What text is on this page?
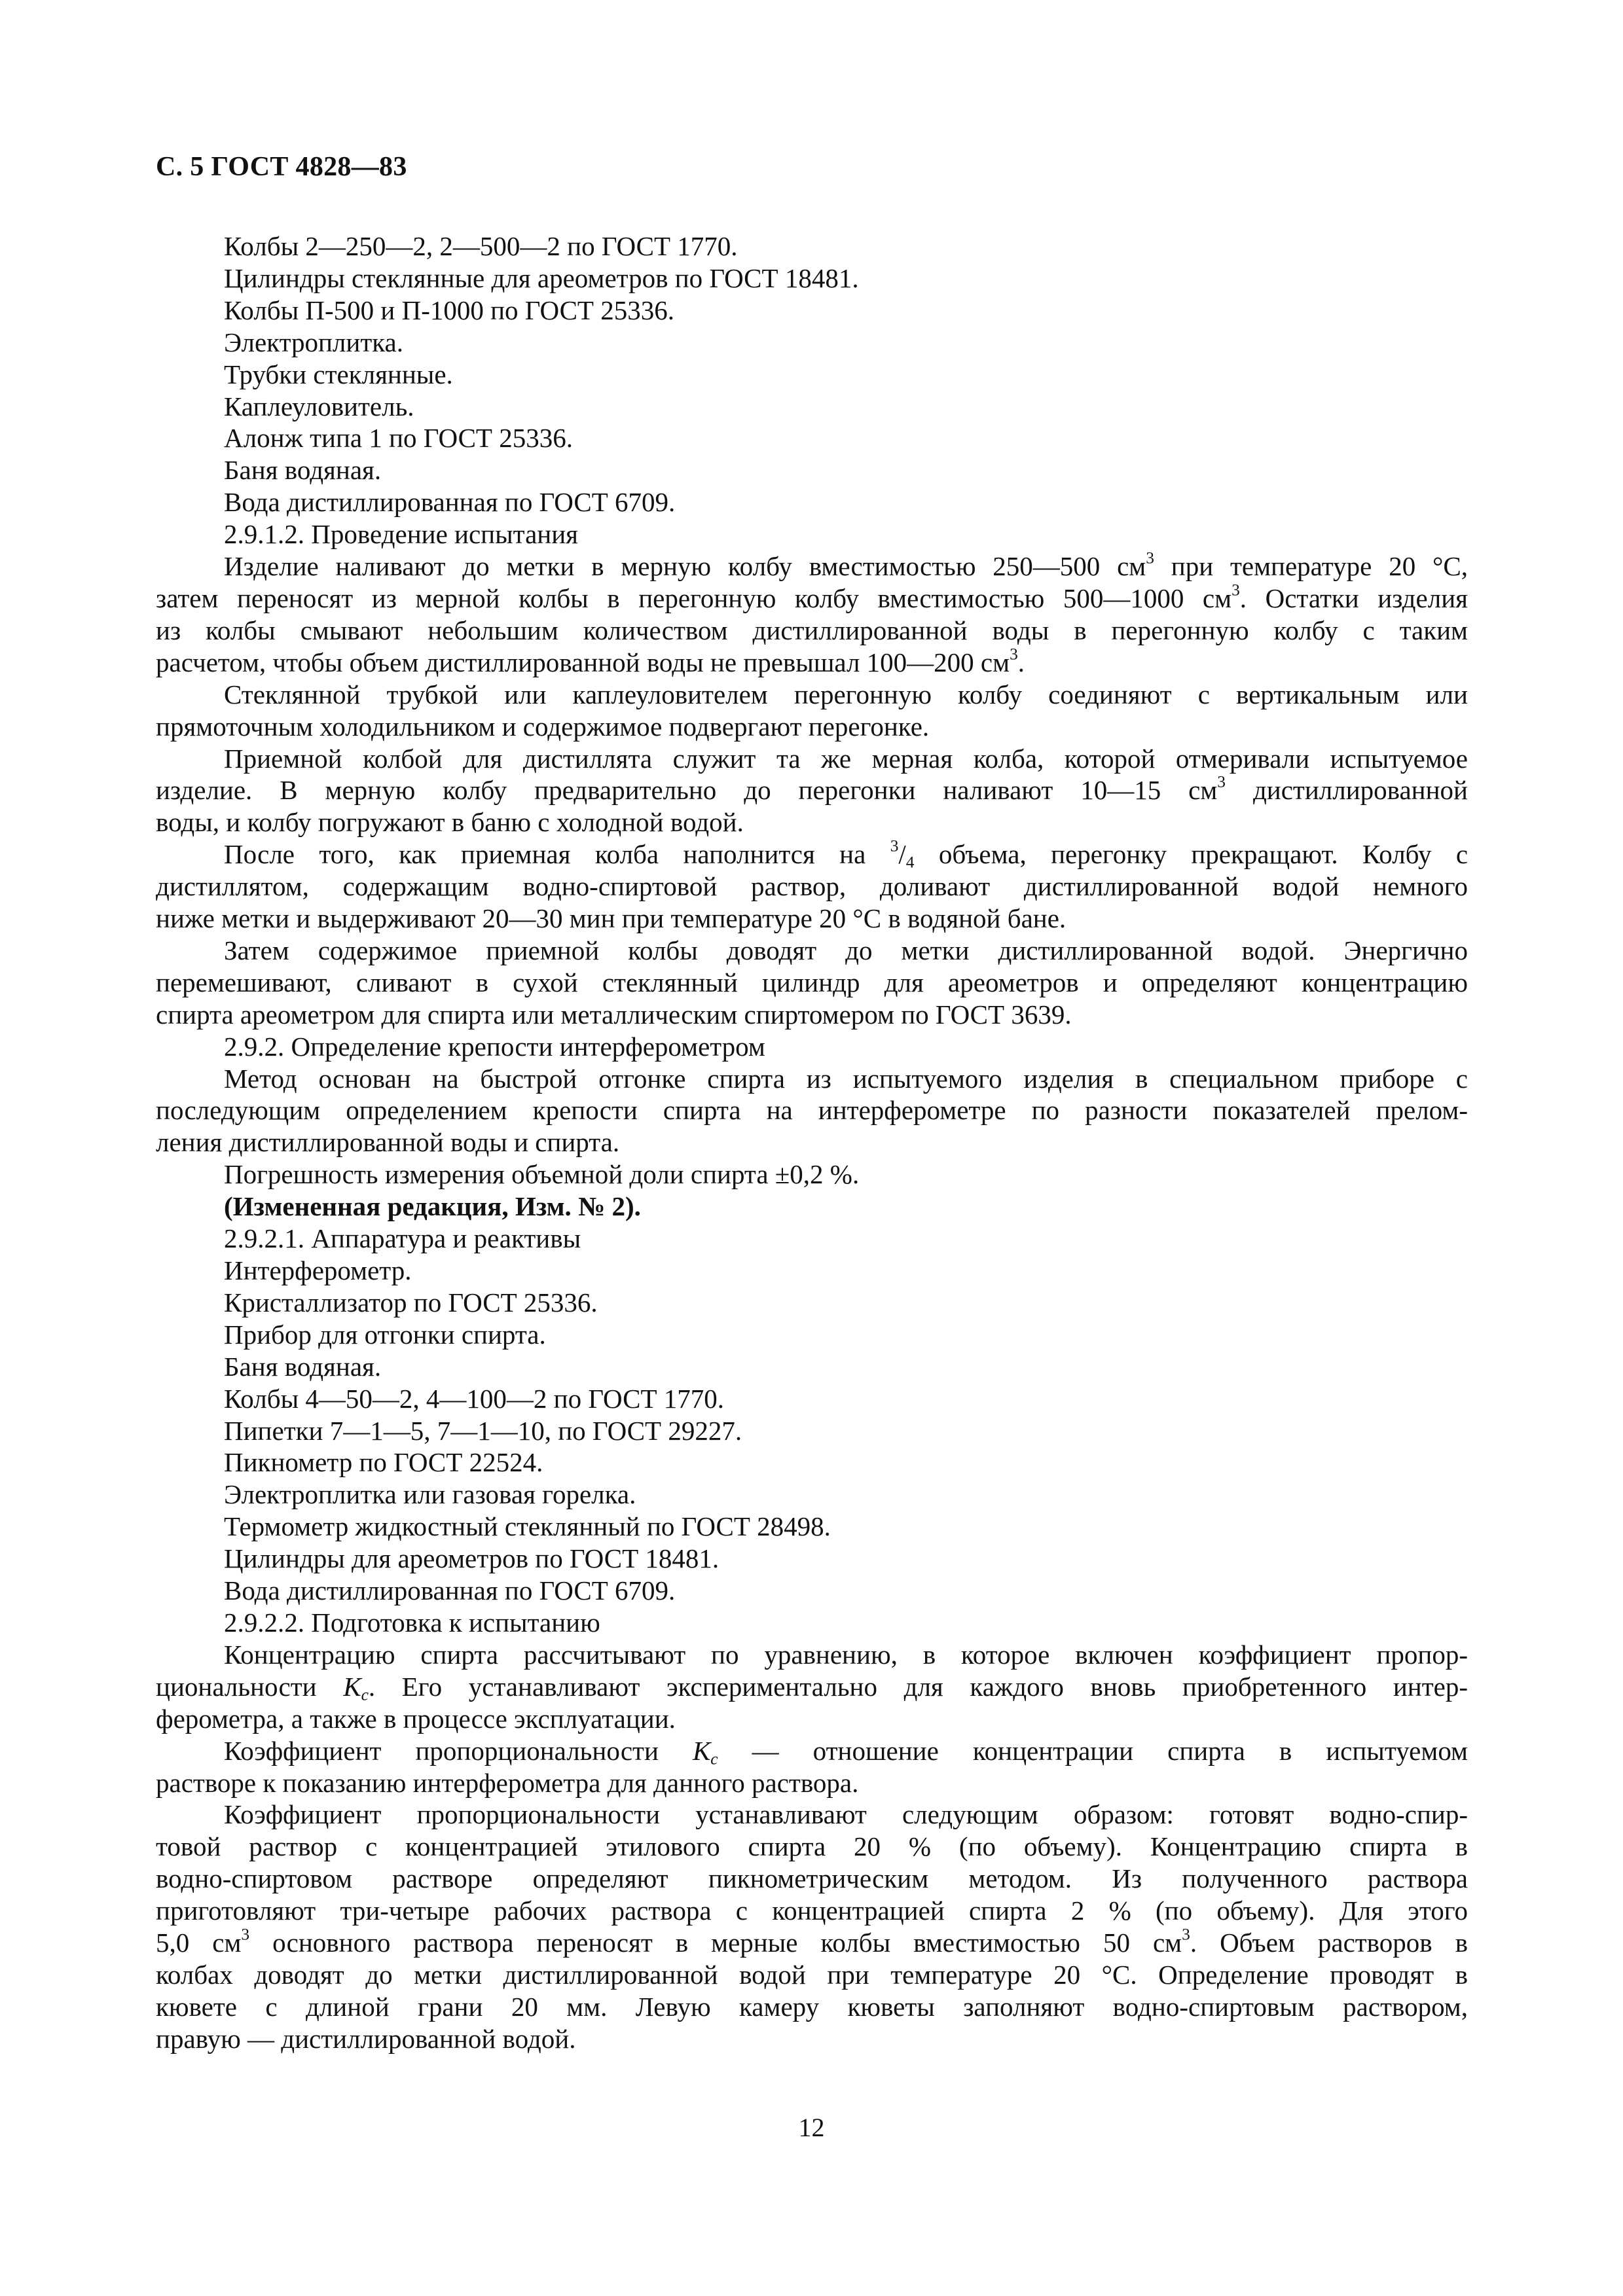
С. 5 ГОСТ 4828—83
Колбы 2—250—2, 2—500—2 по ГОСТ 1770.
Цилиндры стеклянные для ареометров по ГОСТ 18481.
Колбы П-500 и П-1000 по ГОСТ 25336.
Электроплитка.
Трубки стеклянные.
Каплеуловитель.
Алонж типа 1 по ГОСТ 25336.
Баня водяная.
Вода дистиллированная по ГОСТ 6709.
2.9.1.2. Проведение испытания
Изделие наливают до метки в мерную колбу вместимостью 250—500 $см^3$ при температуре 20 °С,
затем переносят из мерной колбы в перегонную колбу вместимостью 500—1000 $см^3$. Остатки изделия
из колбы смывают небольшим количеством дистиллированной воды в перегонную колбу с таким
расчетом, чтобы объем дистиллированной воды не превышал 100—200 $см^3$.
Стеклянной трубкой или каплеуловителем перегонную колбу соединяют с вертикальным или
прямоточным холодильником и содержимое подвергают перегонке.
Приемной колбой для дистиллята служит та же мерная колба, которой отмеривали испытуемое
изделие. В мерную колбу предварительно до перегонки наливают 10—15 $см^3$ дистиллированной
воды, и колбу погружают в баню с холодной водой.
После того, как приемная колба наполнится на $^3$/4 объема, перегонку прекращают. Колбу с
дистиллятом, содержащим водно-спиртовой раствор, доливают дистиллированной водой немного
ниже метки и выдерживают 20—30 мин при температуре 20 °С в водяной бане.
Затем содержимое приемной колбы доводят до метки дистиллированной водой. Энергично
перемешивают, сливают в сухой стеклянный цилиндр для ареометров и определяют концентрацию
спирта ареометром для спирта или металлическим спиртомером по ГОСТ 3639.
2.9.2. Определение крепости интерферометром
Метод основан на быстрой отгонке спирта из испытуемого изделия в специальном приборе с
последующим определением крепости спирта на интерферометре по разности показателей прелом-
ления дистиллированной воды и спирта.
Погрешность измерения объемной доли спирта ±0,2 %.
(Измененная редакция, Изм. № 2).
2.9.2.1. Аппаратура и реактивы
Интерферометр.
Кристаллизатор по ГОСТ 25336.
Прибор для отгонки спирта.
Баня водяная.
Колбы 4—50—2, 4—100—2 по ГОСТ 1770.
Пипетки 7—1—5, 7—1—10, по ГОСТ 29227.
Пикнометр по ГОСТ 22524.
Электроплитка или газовая горелка.
Термометр жидкостный стеклянный по ГОСТ 28498.
Цилиндры для ареометров по ГОСТ 18481.
Вода дистиллированная по ГОСТ 6709.
2.9.2.2. Подготовка к испытанию
Концентрацию спирта рассчитывают по уравнению, в которое включен коэффициент пропор-
циональности $K_с$. Его устанавливают экспериментально для каждого вновь приобретенного интер-
ферометра, а также в процессе эксплуатации.
Коэффициент пропорциональности $K_с$ — отношение концентрации спирта в испытуемом
растворе к показанию интерферометра для данного раствора.
Коэффициент пропорциональности устанавливают следующим образом: готовят водно-спир-
товой раствор с концентрацией этилового спирта 20 % (по объему). Концентрацию спирта в
водно-спиртовом растворе определяют пикнометрическим методом. Из полученного раствора
приготовляют три-четыре рабочих раствора с концентрацией спирта 2 % (по объему). Для этого
5,0 $см^3$ основного раствора переносят в мерные колбы вместимостью 50 $см^3$. Объем растворов в
колбах доводят до метки дистиллированной водой при температуре 20 °С. Определение проводят в
кювете с длиной грани 20 мм. Левую камеру кюветы заполняют водно-спиртовым раствором,
правую — дистиллированной водой.
12
